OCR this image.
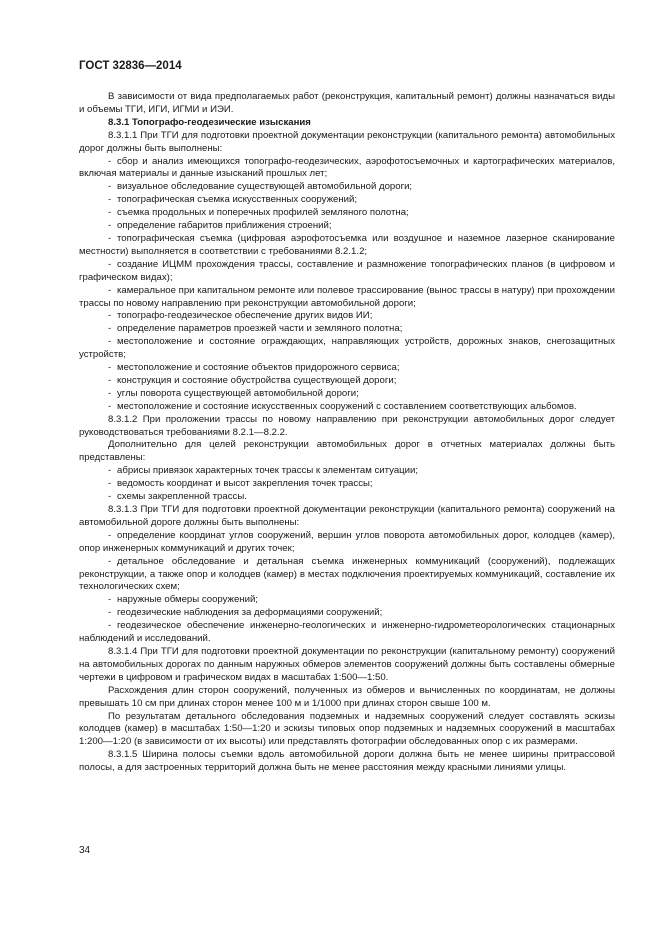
ГОСТ 32836—2014

В зависимости от вида предполагаемых работ (реконструкция, капитальный ремонт) должны назначаться виды и объемы ТГИ, ИГИ, ИГМИ и ИЭИ.

8.3.1 Топографо-геодезические изыскания

8.3.1.1 При ТГИ для подготовки проектной документации реконструкции (капитального ремонта) автомобильных дорог должны быть выполнены:

- сбор и анализ имеющихся топографо-геодезических, аэрофотосъемочных и картографических материалов, включая материалы и данные изысканий прошлых лет;

- визуальное обследование существующей автомобильной дороги;

- топографическая съемка искусственных сооружений;

- съемка продольных и поперечных профилей земляного полотна;

- определение габаритов приближения строений;

- топографическая съемка (цифровая аэрофотосъемка или воздушное и наземное лазерное сканирование местности) выполняется в соответствии с требованиями 8.2.1.2;

- создание ИЦММ прохождения трассы, составление и размножение топографических планов (в цифровом и графическом видах);

- камеральное при капитальном ремонте или полевое трассирование (вынос трассы в натуру) при прохождении трассы по новому направлению при реконструкции автомобильной дороги;

- топографо-геодезическое обеспечение других видов ИИ;

- определение параметров проезжей части и земляного полотна;

- местоположение и состояние ограждающих, направляющих устройств, дорожных знаков, снегозащитных устройств;

- местоположение и состояние объектов придорожного сервиса;

- конструкция и состояние обустройства существующей дороги;

- углы поворота существующей автомобильной дороги;

- местоположение и состояние искусственных сооружений с составлением соответствующих альбомов.

8.3.1.2 При проложении трассы по новому направлению при реконструкции автомобильных дорог следует руководствоваться требованиями 8.2.1—8.2.2.

Дополнительно для целей реконструкции автомобильных дорог в отчетных материалах должны быть представлены:

- абрисы привязок характерных точек трассы к элементам ситуации;

- ведомость координат и высот закрепления точек трассы;

- схемы закрепленной трассы.

8.3.1.3 При ТГИ для подготовки проектной документации реконструкции (капитального ремонта) сооружений на автомобильной дороге должны быть выполнены:

- определение координат углов сооружений, вершин углов поворота автомобильных дорог, колодцев (камер), опор инженерных коммуникаций и других точек;

- детальное обследование и детальная съемка инженерных коммуникаций (сооружений), подлежащих реконструкции, а также опор и колодцев (камер) в местах подключения проектируемых коммуникаций, составление их технологических схем;

- наружные обмеры сооружений;

- геодезические наблюдения за деформациями сооружений;

- геодезическое обеспечение инженерно-геологических и инженерно-гидрометеорологических стационарных наблюдений и исследований.

8.3.1.4 При ТГИ для подготовки проектной документации по реконструкции (капитальному ремонту) сооружений на автомобильных дорогах по данным наружных обмеров элементов сооружений должны быть составлены обмерные чертежи в цифровом и графическом видах в масштабах 1:500—1:50.

Расхождения длин сторон сооружений, полученных из обмеров и вычисленных по координатам, не должны превышать 10 см при длинах сторон менее 100 м и 1/1000 при длинах сторон свыше 100 м.

По результатам детального обследования подземных и надземных сооружений следует составлять эскизы колодцев (камер) в масштабах 1:50—1:20 и эскизы типовых опор подземных и надземных сооружений в масштабах 1:200—1:20 (в зависимости от их высоты) или представлять фотографии обследованных опор с их размерами.

8.3.1.5 Ширина полосы съемки вдоль автомобильной дороги должна быть не менее ширины притрассовой полосы, а для застроенных территорий должна быть не менее расстояния между красными линиями улицы.

34
